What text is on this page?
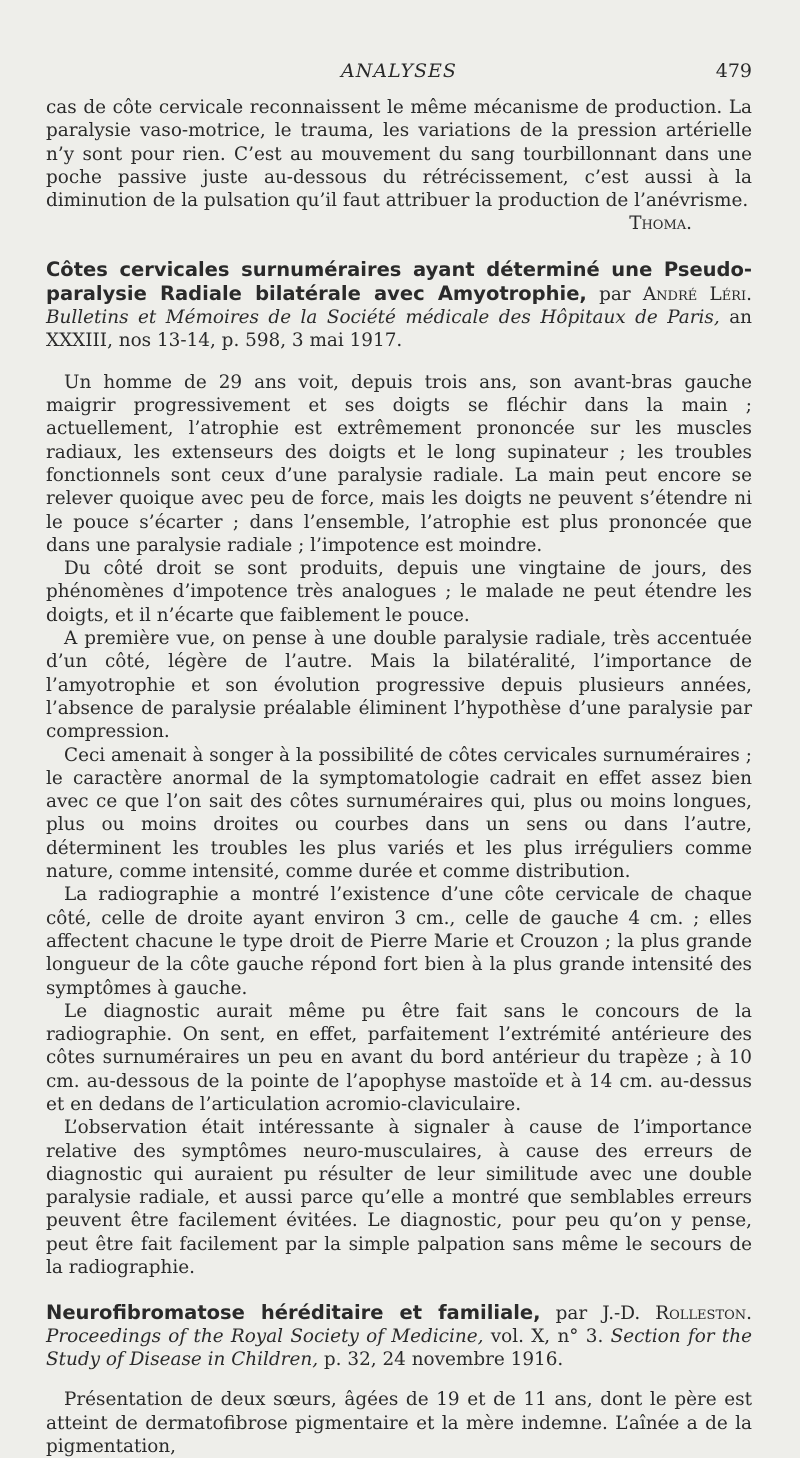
ANALYSES	479

cas de côte cervicale reconnaissent le même mécanisme de production. La paralysie vaso-motrice, le trauma, les variations de la pression artérielle n’y sont pour rien. C’est au mouvement du sang tourbillonnant dans une poche passive juste au-dessous du rétrécissement, c’est aussi à la diminution de la pulsation qu’il faut attribuer la production de l’anévrisme.

Thoma.

Côtes cervicales surnuméraires ayant déterminé une Pseudo-paralysie Radiale bilatérale avec Amyotrophie, par André Léri. Bulletins et Mémoires de la Société médicale des Hôpitaux de Paris, an XXXIII, nos 13-14, p. 598, 3 mai 1917.

Un homme de 29 ans voit, depuis trois ans, son avant-bras gauche maigrir progressivement et ses doigts se fléchir dans la main ; actuellement, l’atrophie est extrêmement prononcée sur les muscles radiaux, les extenseurs des doigts et le long supinateur ; les troubles fonctionnels sont ceux d’une paralysie radiale. La main peut encore se relever quoique avec peu de force, mais les doigts ne peuvent s’étendre ni le pouce s’écarter ; dans l’ensemble, l’atrophie est plus prononcée que dans une paralysie radiale ; l’impotence est moindre.

Du côté droit se sont produits, depuis une vingtaine de jours, des phénomènes d’impotence très analogues ; le malade ne peut étendre les doigts, et il n’écarte que faiblement le pouce.

A première vue, on pense à une double paralysie radiale, très accentuée d’un côté, légère de l’autre. Mais la bilatéralité, l’importance de l’amyotrophie et son évolution progressive depuis plusieurs années, l’absence de paralysie préalable éliminent l’hypothèse d’une paralysie par compression.

Ceci amenait à songer à la possibilité de côtes cervicales surnuméraires ; le caractère anormal de la symptomatologie cadrait en effet assez bien avec ce que l’on sait des côtes surnuméraires qui, plus ou moins longues, plus ou moins droites ou courbes dans un sens ou dans l’autre, déterminent les troubles les plus variés et les plus irréguliers comme nature, comme intensité, comme durée et comme distribution.

La radiographie a montré l’existence d’une côte cervicale de chaque côté, celle de droite ayant environ 3 cm., celle de gauche 4 cm. ; elles affectent chacune le type droit de Pierre Marie et Crouzon ; la plus grande longueur de la côte gauche répond fort bien à la plus grande intensité des symptômes à gauche.

Le diagnostic aurait même pu être fait sans le concours de la radiographie. On sent, en effet, parfaitement l’extrémité antérieure des côtes surnuméraires un peu en avant du bord antérieur du trapèze ; à 10 cm. au-dessous de la pointe de l’apophyse mastoïde et à 14 cm. au-dessus et en dedans de l’articulation acromio-claviculaire.

L’observation était intéressante à signaler à cause de l’importance relative des symptômes neuro-musculaires, à cause des erreurs de diagnostic qui auraient pu résulter de leur similitude avec une double paralysie radiale, et aussi parce qu’elle a montré que semblables erreurs peuvent être facilement évitées. Le diagnostic, pour peu qu’on y pense, peut être fait facilement par la simple palpation sans même le secours de la radiographie.

Neurofibromatose héréditaire et familiale, par J.-D. Rolleston. Proceedings of the Royal Society of Medicine, vol. X, n° 3. Section for the Study of Disease in Children, p. 32, 24 novembre 1916.

Présentation de deux sœurs, âgées de 19 et de 11 ans, dont le père est atteint de dermatofibrose pigmentaire et la mère indemne. L’aînée a de la pigmentation,
